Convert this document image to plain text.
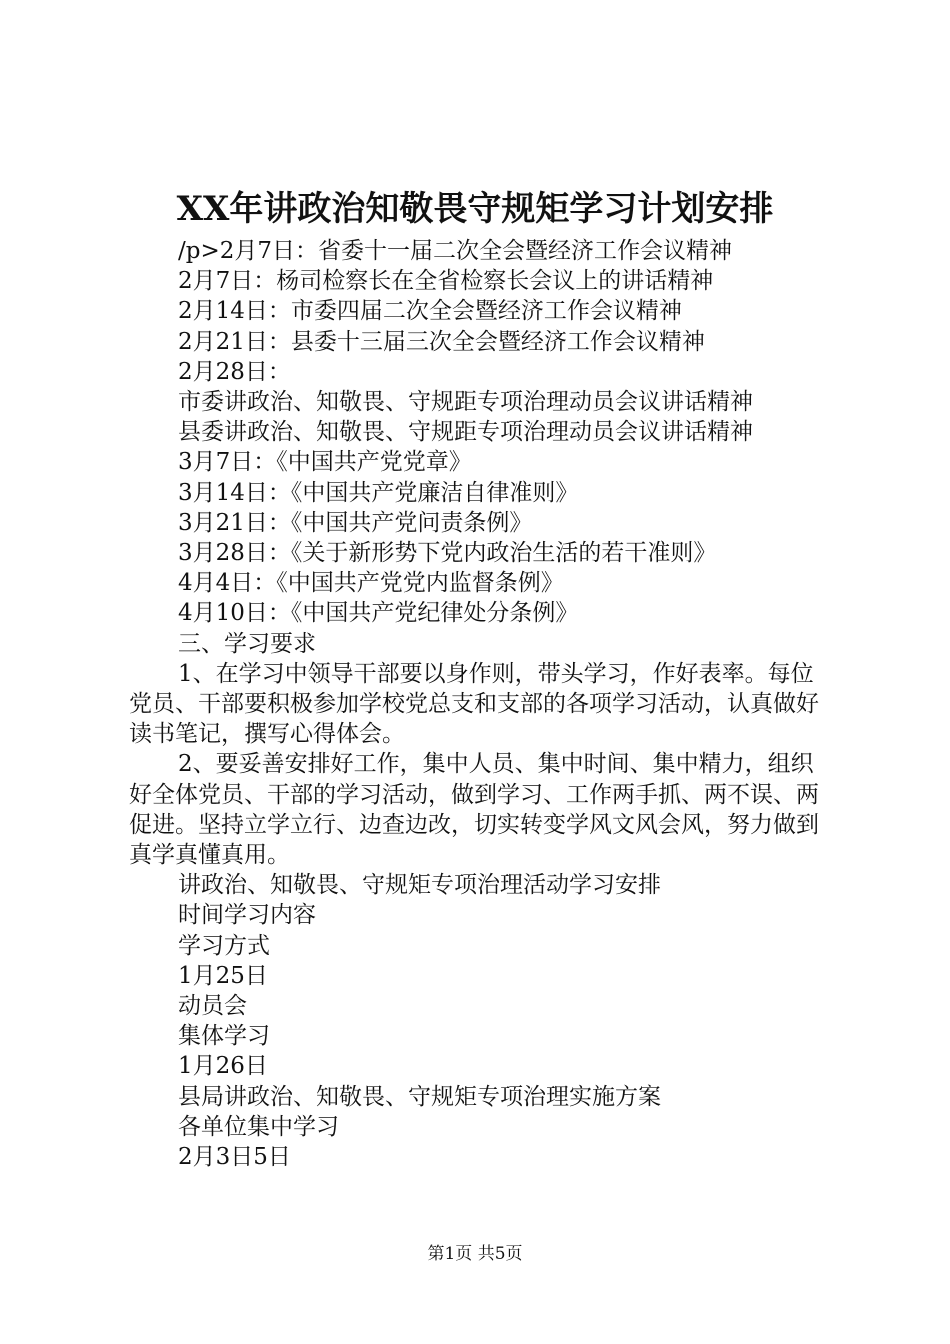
XX年讲政治知敬畏守规矩学习计划安排

/p>2月7日：省委十一届二次全会暨经济工作会议精神

2月7日：杨司检察长在全省检察长会议上的讲话精神

2月14日：市委四届二次全会暨经济工作会议精神

2月21日：县委十三届三次全会暨经济工作会议精神

2月28日：

市委讲政治、知敬畏、守规距专项治理动员会议讲话精神

县委讲政治、知敬畏、守规距专项治理动员会议讲话精神

3月7日：《中国共产党党章》

3月14日：《中国共产党廉洁自律准则》

3月21日：《中国共产党问责条例》

3月28日：《关于新形势下党内政治生活的若干准则》

4月4日：《中国共产党党内监督条例》

4月10日：《中国共产党纪律处分条例》

三、学习要求

1、在学习中领导干部要以身作则，带头学习，作好表率。每位党员、干部要积极参加学校党总支和支部的各项学习活动，认真做好读书笔记，撰写心得体会。

2、要妥善安排好工作，集中人员、集中时间、集中精力，组织好全体党员、干部的学习活动，做到学习、工作两手抓、两不误、两促进。坚持立学立行、边查边改，切实转变学风文风会风，努力做到真学真懂真用。

讲政治、知敬畏、守规矩专项治理活动学习安排

时间学习内容

学习方式

1月25日

动员会

集体学习

1月26日

县局讲政治、知敬畏、守规矩专项治理实施方案

各单位集中学习

2月3日5日

第1页 共5页
